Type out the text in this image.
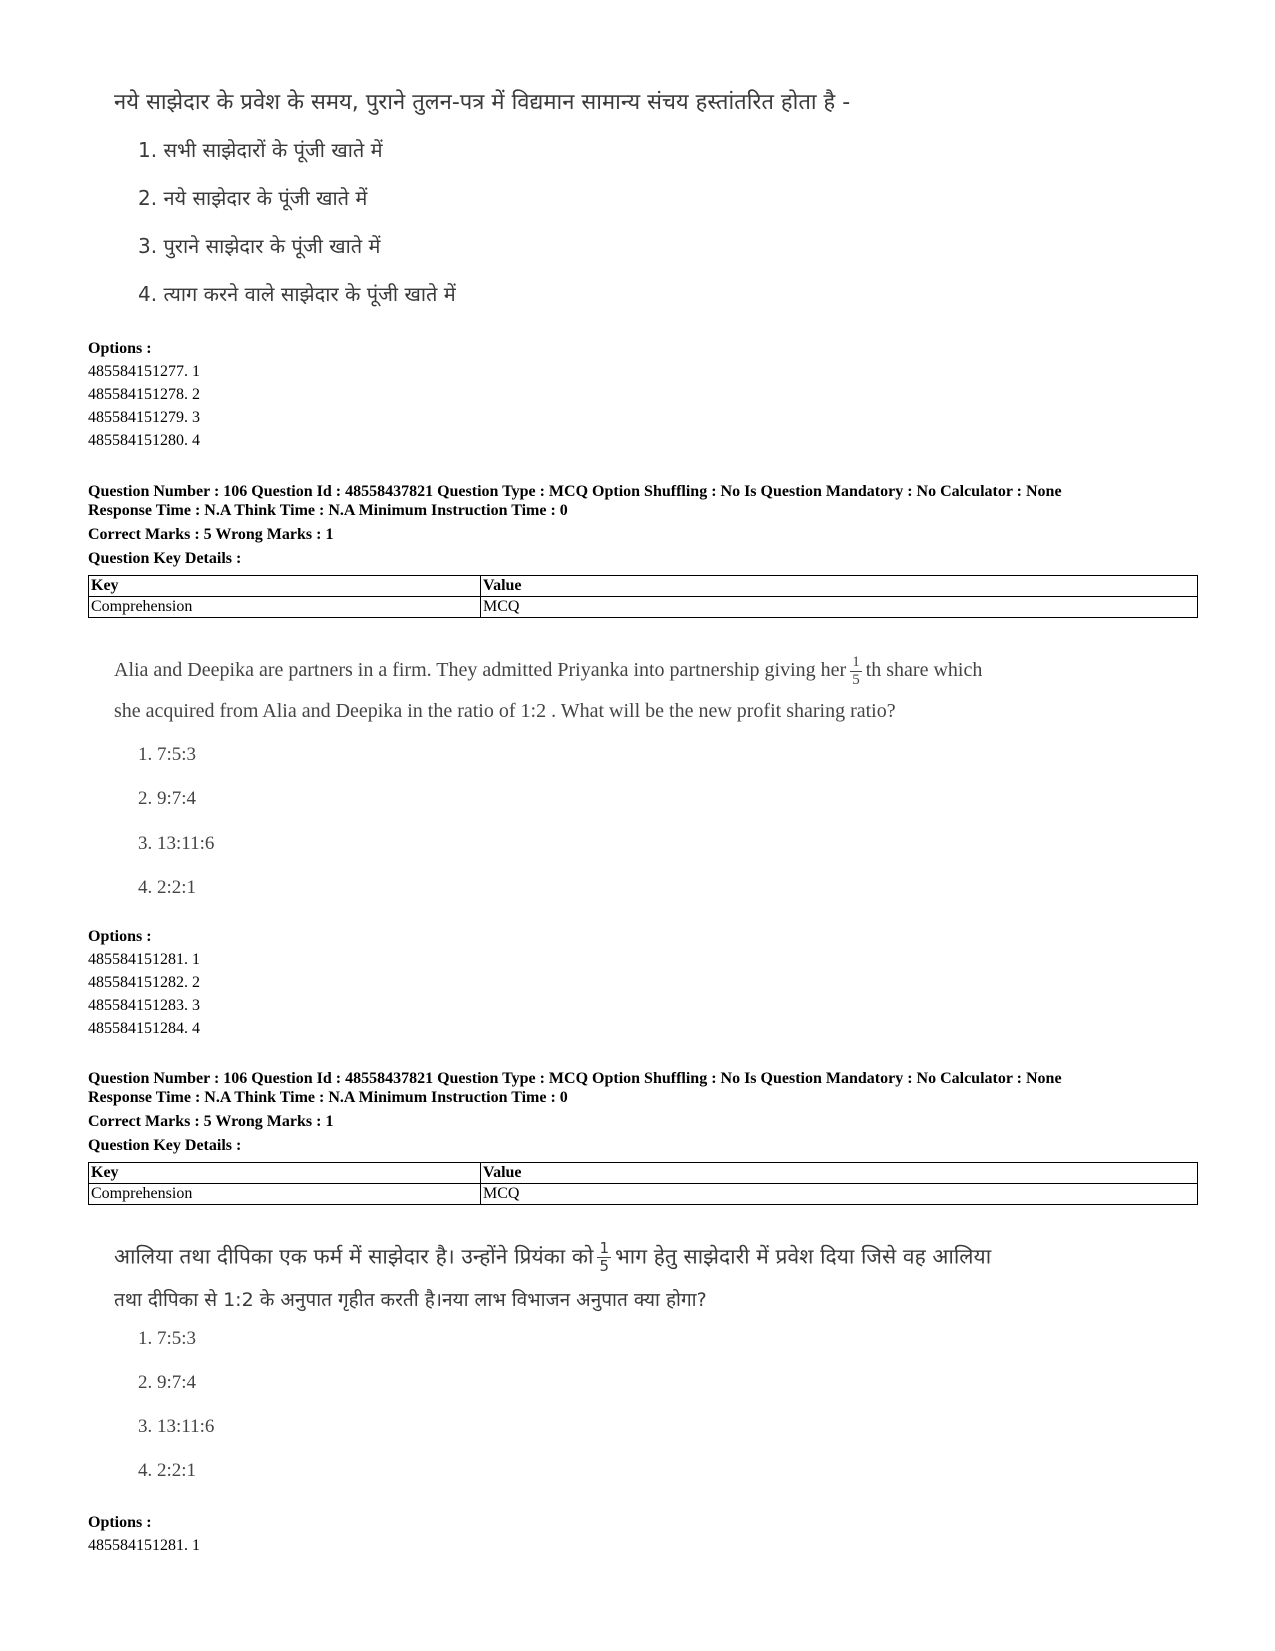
नये साझेदार के प्रवेश के समय, पुराने तुलन-पत्र में विद्यमान सामान्य संचय हस्तांतरित होता है -
1. सभी साझेदारों के पूंजी खाते में
2. नये साझेदार के पूंजी खाते में
3. पुराने साझेदार के पूंजी खाते में
4. त्याग करने वाले साझेदार के पूंजी खाते में
Options :
485584151277. 1
485584151278. 2
485584151279. 3
485584151280. 4
Question Number : 106 Question Id : 48558437821 Question Type : MCQ Option Shuffling : No Is Question Mandatory : No Calculator : None
Response Time : N.A Think Time : N.A Minimum Instruction Time : 0
Correct Marks : 5 Wrong Marks : 1
Question Key Details :
Key	Value
Comprehension	MCQ
Alia and Deepika are partners in a firm. They admitted Priyanka into partnership giving her $\frac{1}{5}$ th share which
she acquired from Alia and Deepika in the ratio of 1:2 . What will be the new profit sharing ratio?
1. 7:5:3
2. 9:7:4
3. 13:11:6
4. 2:2:1
Options :
485584151281. 1
485584151282. 2
485584151283. 3
485584151284. 4
Question Number : 106 Question Id : 48558437821 Question Type : MCQ Option Shuffling : No Is Question Mandatory : No Calculator : None
Response Time : N.A Think Time : N.A Minimum Instruction Time : 0
Correct Marks : 5 Wrong Marks : 1
Question Key Details :
Key	Value
Comprehension	MCQ
आलिया तथा दीपिका एक फर्म में साझेदार है। उन्होंने प्रियंका को $\frac{1}{5}$ भाग हेतु साझेदारी में प्रवेश दिया जिसे वह आलिया
तथा दीपिका से 1:2 के अनुपात गृहीत करती है।नया लाभ विभाजन अनुपात क्या होगा?
1. 7:5:3
2. 9:7:4
3. 13:11:6
4. 2:2:1
Options :
485584151281. 1
